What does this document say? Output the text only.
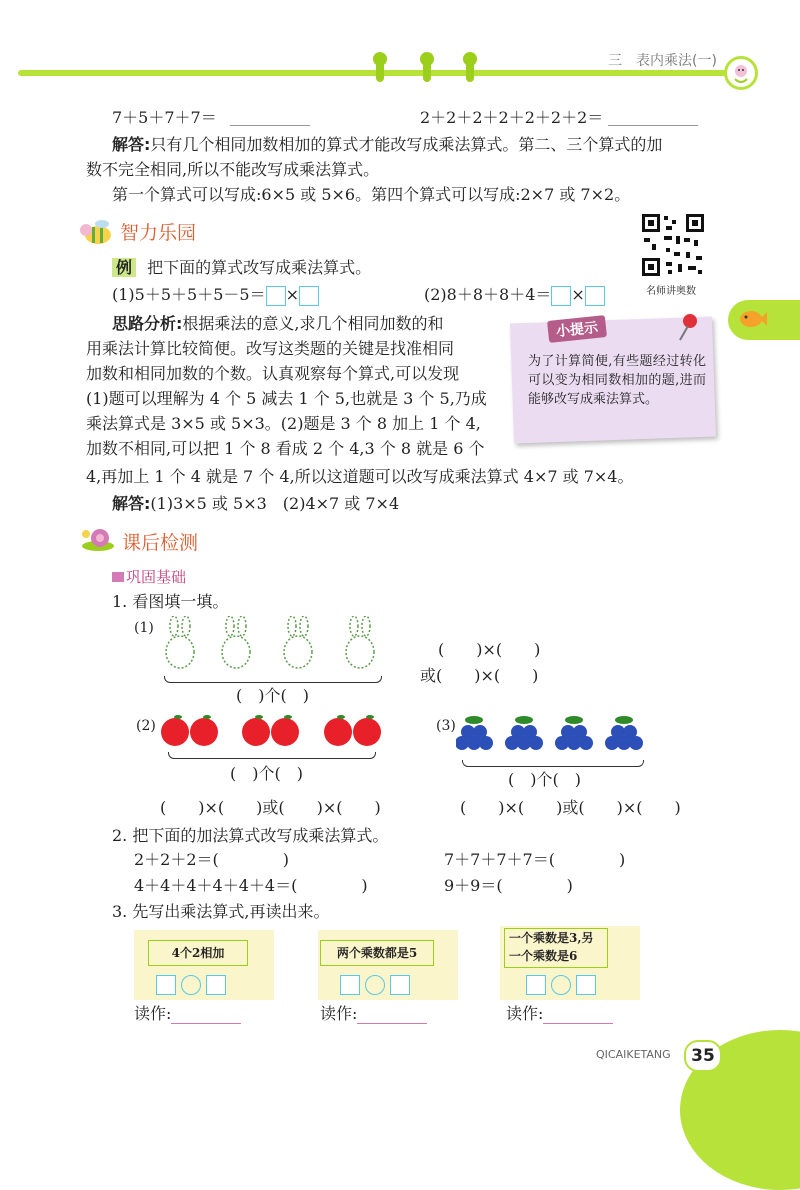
三　表内乘法(一)
7＋5＋7＋7＝	2＋2＋2＋2＋2＋2＋2＝
解答:只有几个相同加数相加的算式才能改写成乘法算式。第二、三个算式的加
数不完全相同,所以不能改写成乘法算式。
第一个算式可以写成:6×5 或 5×6。第四个算式可以写成:2×7 或 7×2。
智力乐园
名师讲奥数
例 把下面的算式改写成乘法算式。
(1)5＋5＋5＋5－5＝ ×	(2)8＋8＋8＋4＝ ×
思路分析:根据乘法的意义,求几个相同加数的和
用乘法计算比较简便。改写这类题的关键是找准相同
加数和相同加数的个数。认真观察每个算式,可以发现
(1)题可以理解为 4 个 5 减去 1 个 5,也就是 3 个 5,乃成
乘法算式是 3×5 或 5×3。(2)题是 3 个 8 加上 1 个 4,
加数不相同,可以把 1 个 8 看成 2 个 4,3 个 8 就是 6 个
4,再加上 1 个 4 就是 7 个 4,所以这道题可以改写成乘法算式 4×7 或 7×4。
解答:(1)3×5 或 5×3　(2)4×7 或 7×4
小提示
为了计算简便,有些题经过转化可以变为相同数相加的题,进而能够改写成乘法算式。
课后检测
巩固基础
1. 看图填一填。
(1)
(　)个(　)
(　　)×(　　)
或(　　)×(　　)
(2)
(　)个(　)
(　　)×(　　)或(　　)×(　　)
(3)
(　)个(　)
(　　)×(　　)或(　　)×(　　)
2. 把下面的加法算式改写成乘法算式。
2＋2＋2＝(　　　　)	7＋7＋7＋7＝(　　　　)
4＋4＋4＋4＋4＋4＝(　　　　)	9＋9＝(　　　　)
3. 先写出乘法算式,再读出来。
4个2相加

读作:
两个乘数都是5

读作:
一个乘数是3,另
一个乘数是6

读作:
QICAIKETANG	35
